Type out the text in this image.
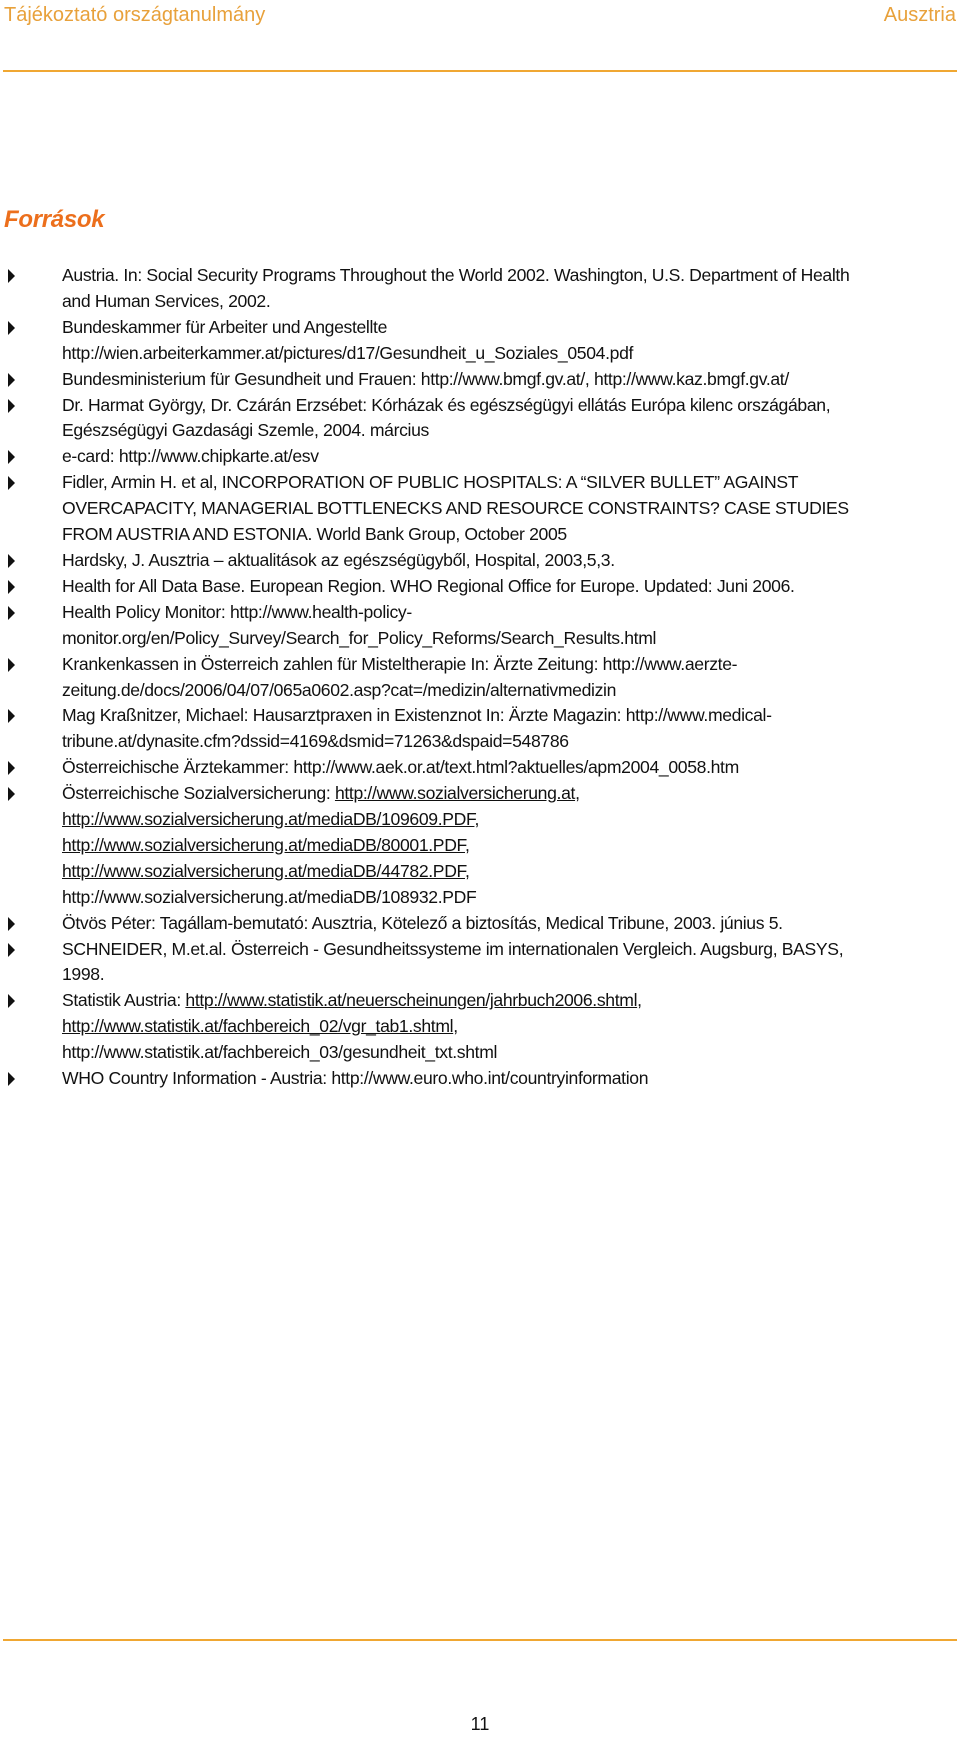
Tájékoztató országtanulmány	Ausztria
Források
Austria. In: Social Security Programs Throughout the World 2002. Washington, U.S. Department of Health
and Human Services, 2002.
Bundeskammer für Arbeiter und Angestellte
http://wien.arbeiterkammer.at/pictures/d17/Gesundheit_u_Soziales_0504.pdf
Bundesministerium für Gesundheit und Frauen: http://www.bmgf.gv.at/, http://www.kaz.bmgf.gv.at/
Dr. Harmat György, Dr. Czárán Erzsébet: Kórházak és egészségügyi ellátás Európa kilenc országában,
Egészségügyi Gazdasági Szemle, 2004. március
e-card: http://www.chipkarte.at/esv
Fidler, Armin H. et al, INCORPORATION OF PUBLIC HOSPITALS: A “SILVER BULLET” AGAINST
OVERCAPACITY, MANAGERIAL BOTTLENECKS AND RESOURCE CONSTRAINTS? CASE STUDIES
FROM AUSTRIA AND ESTONIA. World Bank Group, October 2005
Hardsky, J. Ausztria – aktualitások az egészségügyből, Hospital, 2003,5,3.
Health for All Data Base. European Region. WHO Regional Office for Europe. Updated: Juni 2006.
Health Policy Monitor: http://www.health-policy-
monitor.org/en/Policy_Survey/Search_for_Policy_Reforms/Search_Results.html
Krankenkassen in Österreich zahlen für Misteltherapie In: Ärzte Zeitung: http://www.aerzte-
zeitung.de/docs/2006/04/07/065a0602.asp?cat=/medizin/alternativmedizin
Mag Kraßnitzer, Michael: Hausarztpraxen in Existenznot In: Ärzte Magazin: http://www.medical-
tribune.at/dynasite.cfm?dssid=4169&dsmid=71263&dspaid=548786
Österreichische Ärztekammer: http://www.aek.or.at/text.html?aktuelles/apm2004_0058.htm
Österreichische Sozialversicherung: http://www.sozialversicherung.at,
http://www.sozialversicherung.at/mediaDB/109609.PDF,
http://www.sozialversicherung.at/mediaDB/80001.PDF,
http://www.sozialversicherung.at/mediaDB/44782.PDF,
http://www.sozialversicherung.at/mediaDB/108932.PDF
Ötvös Péter: Tagállam-bemutató: Ausztria, Kötelező a biztosítás, Medical Tribune, 2003. június 5.
SCHNEIDER, M.et.al. Österreich - Gesundheitssysteme im internationalen Vergleich. Augsburg, BASYS,
1998.
Statistik Austria: http://www.statistik.at/neuerscheinungen/jahrbuch2006.shtml,
http://www.statistik.at/fachbereich_02/vgr_tab1.shtml,
http://www.statistik.at/fachbereich_03/gesundheit_txt.shtml
WHO Country Information - Austria: http://www.euro.who.int/countryinformation
11
